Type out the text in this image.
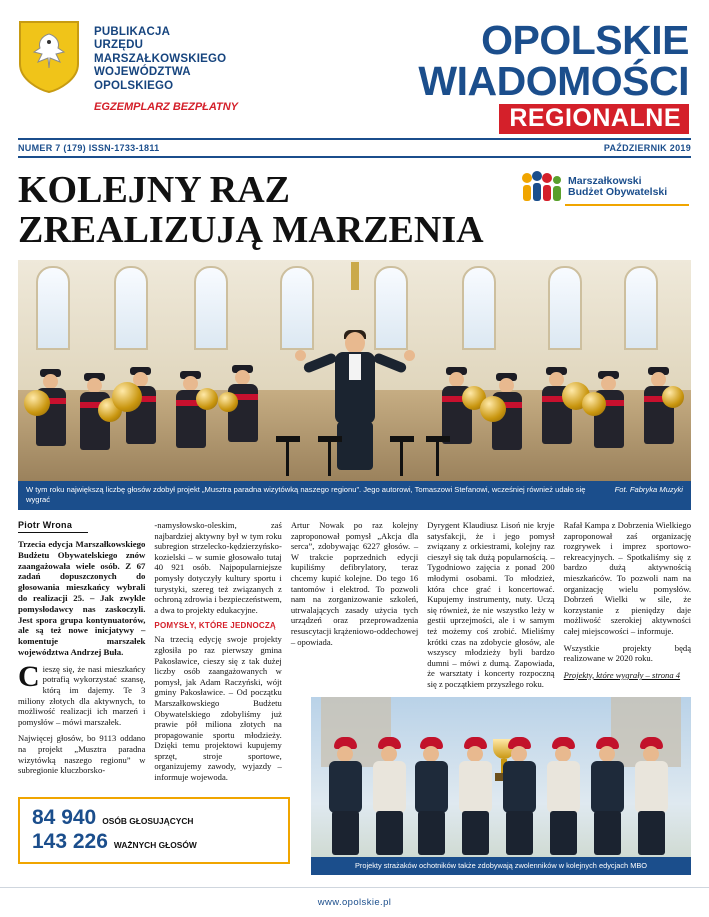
PUBLIKACJA
URZĘDU
MARSZAŁKOWSKIEGO
WOJEWÓDZTWA
OPOLSKIEGO
EGZEMPLARZ BEZPŁATNY
OPOLSKIE
WIADOMOŚCI
REGIONALNE
NUMER 7 (179) ISSN-1733-1811	PAŹDZIERNIK 2019
KOLEJNY RAZ
ZREALIZUJĄ MARZENIA
Marszałkowski
Budżet Obywatelski
W tym roku największą liczbę głosów zdobył projekt „Musztra paradna wizytówką naszego regionu”. Jego autorowi, Tomaszowi Stefanowi, wcześniej również udało się wygrać
Fot. Fabryka Muzyki
Piotr Wrona

Trzecia edycja Marszałkowskiego Budżetu Obywatelskiego znów zaangażowała wiele osób. Z 67 zadań dopuszczonych do głosowania mieszkańcy wybrali do realizacji 25. – Jak zwykle pomysłodawcy nas zaskoczyli. Jest spora grupa kontynuatorów, ale są też nowe inicjatywy – komentuje marszałek województwa Andrzej Buła.

Cieszę się, że nasi mieszkańcy potrafią wykorzystać szansę, którą im dajemy. Te 3 miliony złotych dla aktywnych, to możliwość realizacji ich marzeń i pomysłów – mówi marszałek.

Najwięcej głosów, bo 9113 oddano na projekt „Musztra paradna wizytówką naszego regionu” w subregionie kluczborsko-

-namysłowsko-oleskim, zaś najbardziej aktywny był w tym roku subregion strzelecko-kędzierzyńsko-kozielski – w sumie głosowało tutaj 40 921 osób. Najpopularniejsze pomysły dotyczyły kultury sportu i turystyki, szereg też związanych z ochroną zdrowia i bezpieczeństwem, a dwa to projekty edukacyjne.

POMYSŁY, KTÓRE JEDNOCZĄ

Na trzecią edycję swoje projekty zgłosiła po raz pierwszy gmina Pakosławice, cieszy się z tak dużej liczby osób zaangażowanych w pomysł, jak Adam Raczyński, wójt gminy Pakosławice. – Od początku Marszałkowskiego Budżetu Obywatelskiego zdobyliśmy już prawie pół miliona złotych na propagowanie sportu młodzieży. Dzięki temu projektowi kupujemy sprzęt, stroje sportowe, organizujemy zawody, wyjazdy – informuje wojewoda.

Artur Nowak po raz kolejny zaproponował pomysł „Akcja dla serca”, zdobywając 6227 głosów. – W trakcie poprzednich edycji kupiliśmy defibrylatory, teraz chcemy kupić kolejne. Do tego 16 tantomów i elektrod. To pozwoli nam na zorganizowanie szkoleń, utrwalających zasady użycia tych urządzeń oraz przeprowadzenia resuscytacji krążeniowo-oddechowej – opowiada.

Dyrygent Klaudiusz Lisoń nie kryje satysfakcji, że i jego pomysł związany z orkiestrami, kolejny raz cieszył się tak dużą popularnością. – Tygodniowo zajęcia z ponad 200 młodymi osobami. To młodzież, która chce grać i koncertować. Kupujemy instrumenty, nuty. Uczą się również, że nie wszystko leży w gestii uprzejmości, ale i w samym też możemy coś zrobić. Mieliśmy krótki czas na zdobycie głosów, ale wszyscy młodzieży byli bardzo dumni – mówi z dumą. Zapowiada, że warsztaty i koncerty rozpoczną się z początkiem przyszłego roku.

Rafał Kampa z Dobrzenia Wielkiego zaproponował zaś organizację rozgrywek i imprez sportowo-rekreacyjnych. – Spotkaliśmy się z bardzo dużą aktywnością mieszkańców. To pozwoli nam na organizację wielu pomysłów. Dobrzeń Wielki w sile, że korzystanie z pieniędzy daje możliwość szerokiej aktywności całej miejscowości – informuje.

Wszystkie projekty będą realizowane w 2020 roku.

Projekty, które wygrały – strona 4

84 940 OSÓB GŁOSUJĄCYCH
143 226 WAŻNYCH GŁOSÓW
Projekty strażaków ochotników także zdobywają zwolenników w kolejnych edycjach MBO
www.opolskie.pl
